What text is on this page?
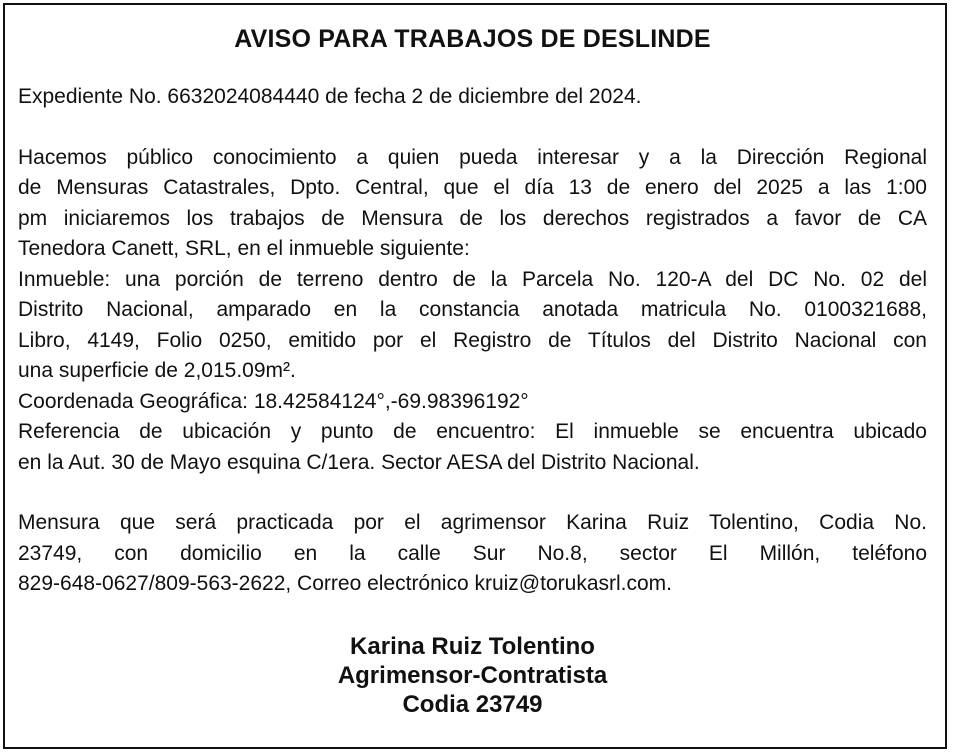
AVISO PARA TRABAJOS DE DESLINDE

Expediente No. 6632024084440 de fecha 2 de diciembre del 2024.

Hacemos público conocimiento a quien pueda interesar y a la Dirección Regional

de Mensuras Catastrales, Dpto. Central, que el día 13 de enero del 2025 a las 1:00

pm iniciaremos los trabajos de Mensura de los derechos registrados a favor de CA

Tenedora Canett, SRL, en el inmueble siguiente:

Inmueble: una porción de terreno dentro de la Parcela No. 120-A del DC No. 02 del

Distrito Nacional, amparado en la constancia anotada matricula No. 0100321688,

Libro, 4149, Folio 0250, emitido por el Registro de Títulos del Distrito Nacional con

una superficie de 2,015.09m².

Coordenada Geográfica: 18.42584124°,-69.98396192°

Referencia de ubicación y punto de encuentro: El inmueble se encuentra ubicado

en la Aut. 30 de Mayo esquina C/1era. Sector AESA del Distrito Nacional.

Mensura que será practicada por el agrimensor Karina Ruiz Tolentino, Codia No.

23749, con domicilio en la calle Sur No.8, sector El Millón, teléfono

829-648-0627/809-563-2622, Correo electrónico kruiz@torukasrl.com.

Karina Ruiz Tolentino
Agrimensor-Contratista
Codia 23749
